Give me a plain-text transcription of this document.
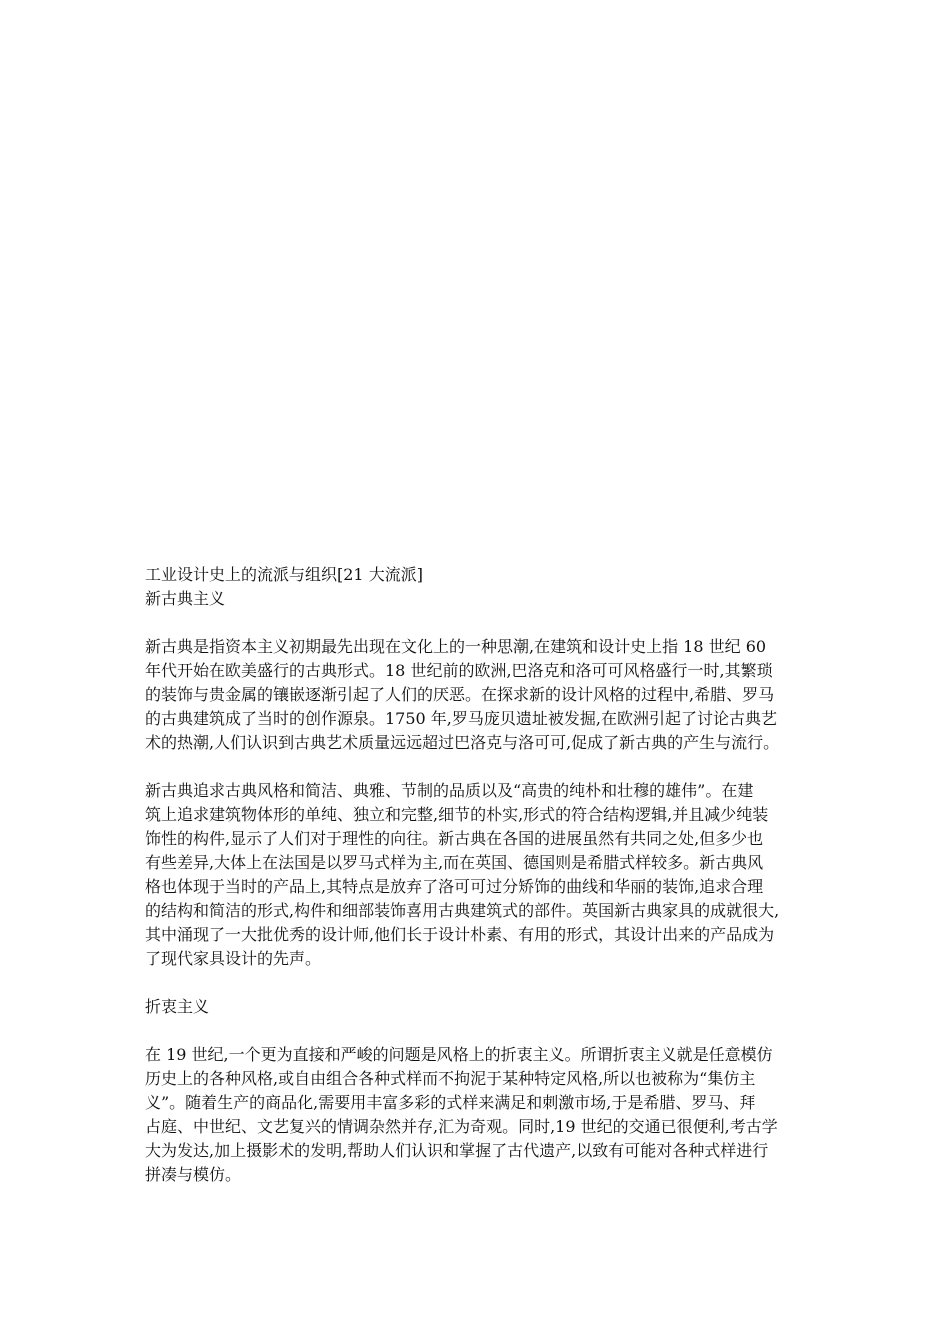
工业设计史上的流派与组织[21 大流派]
新古典主义
新古典是指资本主义初期最先出现在文化上的一种思潮,在建筑和设计史上指 18 世纪 60
年代开始在欧美盛行的古典形式。18 世纪前的欧洲,巴洛克和洛可可风格盛行一时,其繁琐
的装饰与贵金属的镶嵌逐渐引起了人们的厌恶。在探求新的设计风格的过程中,希腊、罗马
的古典建筑成了当时的创作源泉。1750 年,罗马庞贝遗址被发掘,在欧洲引起了讨论古典艺
术的热潮,人们认识到古典艺术质量远远超过巴洛克与洛可可,促成了新古典的产生与流行。
新古典追求古典风格和简洁、典雅、节制的品质以及“高贵的纯朴和壮穆的雄伟”。在建
筑上追求建筑物体形的单纯、独立和完整,细节的朴实,形式的符合结构逻辑,并且减少纯装
饰性的构件,显示了人们对于理性的向往。新古典在各国的进展虽然有共同之处,但多少也
有些差异,大体上在法国是以罗马式样为主,而在英国、德国则是希腊式样较多。新古典风
格也体现于当时的产品上,其特点是放弃了洛可可过分矫饰的曲线和华丽的装饰,追求合理
的结构和简洁的形式,构件和细部装饰喜用古典建筑式的部件。英国新古典家具的成就很大,
其中涌现了一大批优秀的设计师,他们长于设计朴素、有用的形式，其设计出来的产品成为
了现代家具设计的先声。
折衷主义
在 19 世纪,一个更为直接和严峻的问题是风格上的折衷主义。所谓折衷主义就是任意模仿
历史上的各种风格,或自由组合各种式样而不拘泥于某种特定风格,所以也被称为“集仿主
义”。随着生产的商品化,需要用丰富多彩的式样来满足和刺激市场,于是希腊、罗马、拜
占庭、中世纪、文艺复兴的情调杂然并存,汇为奇观。同时,19 世纪的交通已很便利,考古学
大为发达,加上摄影术的发明,帮助人们认识和掌握了古代遗产,以致有可能对各种式样进行
拼凑与模仿。
